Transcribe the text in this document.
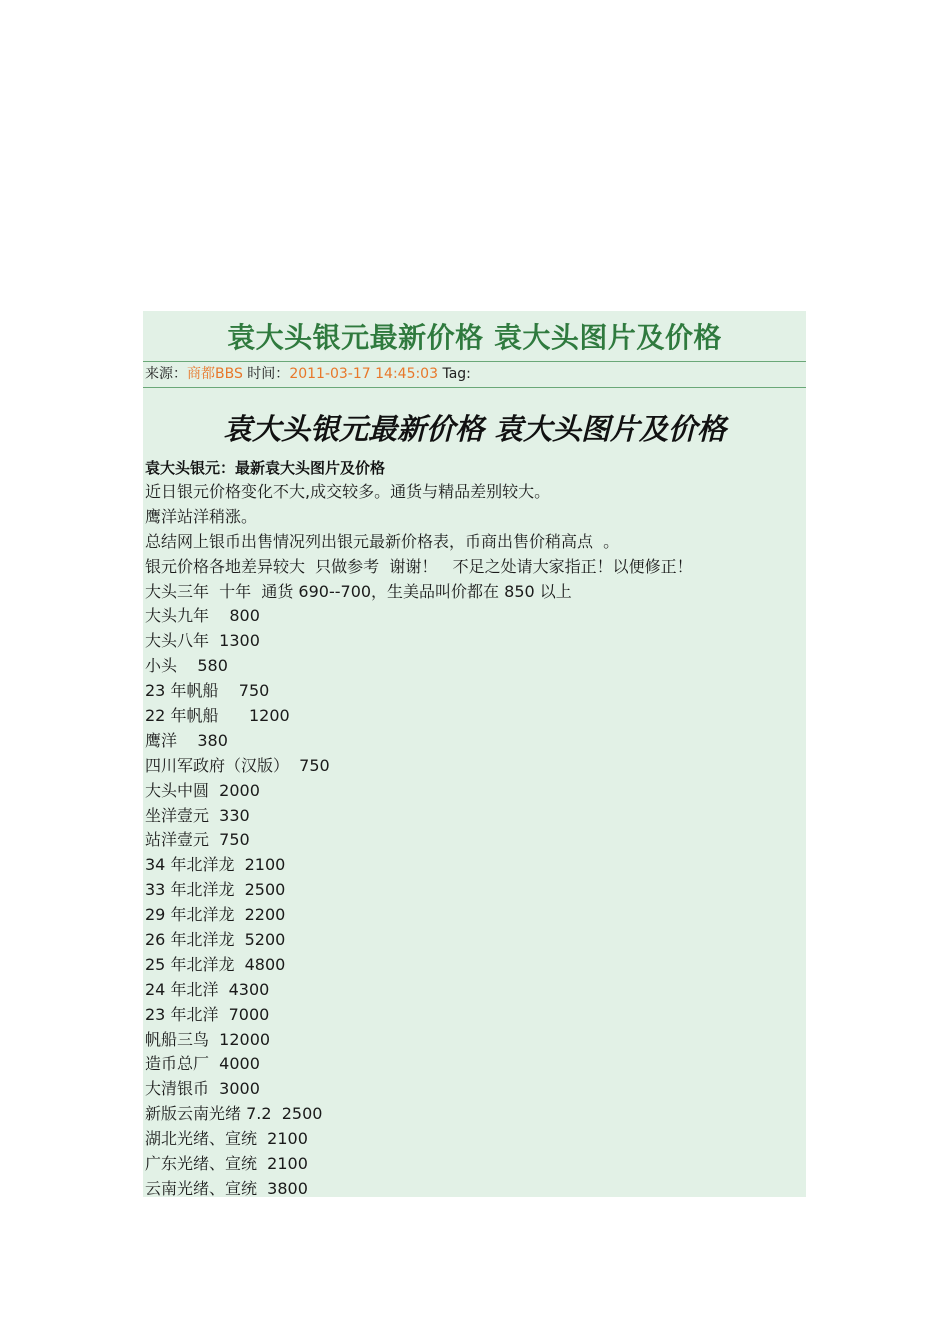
袁大头银元最新价格 袁大头图片及价格
来源：商都BBS 时间：2011-03-17 14:45:03 Tag:
袁大头银元最新价格 袁大头图片及价格
袁大头银元：最新袁大头图片及价格
近日银元价格变化不大,成交较多。通货与精品差别较大。
鹰洋站洋稍涨。
总结网上银币出售情况列出银元最新价格表，币商出售价稍高点  。
银元价格各地差异较大  只做参考  谢谢！   不足之处请大家指正！以便修正！
大头三年  十年  通货 690--700，生美品叫价都在 850 以上
大头九年    800
大头八年  1300
小头    580
23 年帆船    750
22 年帆船      1200
鹰洋    380
四川军政府（汉版）  750
大头中圆  2000
坐洋壹元  330
站洋壹元  750
34 年北洋龙  2100
33 年北洋龙  2500
29 年北洋龙  2200
26 年北洋龙  5200
25 年北洋龙  4800
24 年北洋  4300
23 年北洋  7000
帆船三鸟  12000
造币总厂  4000
大清银币  3000
新版云南光绪 7.2  2500
湖北光绪、宣统  2100
广东光绪、宣统  2100
云南光绪、宣统  3800
